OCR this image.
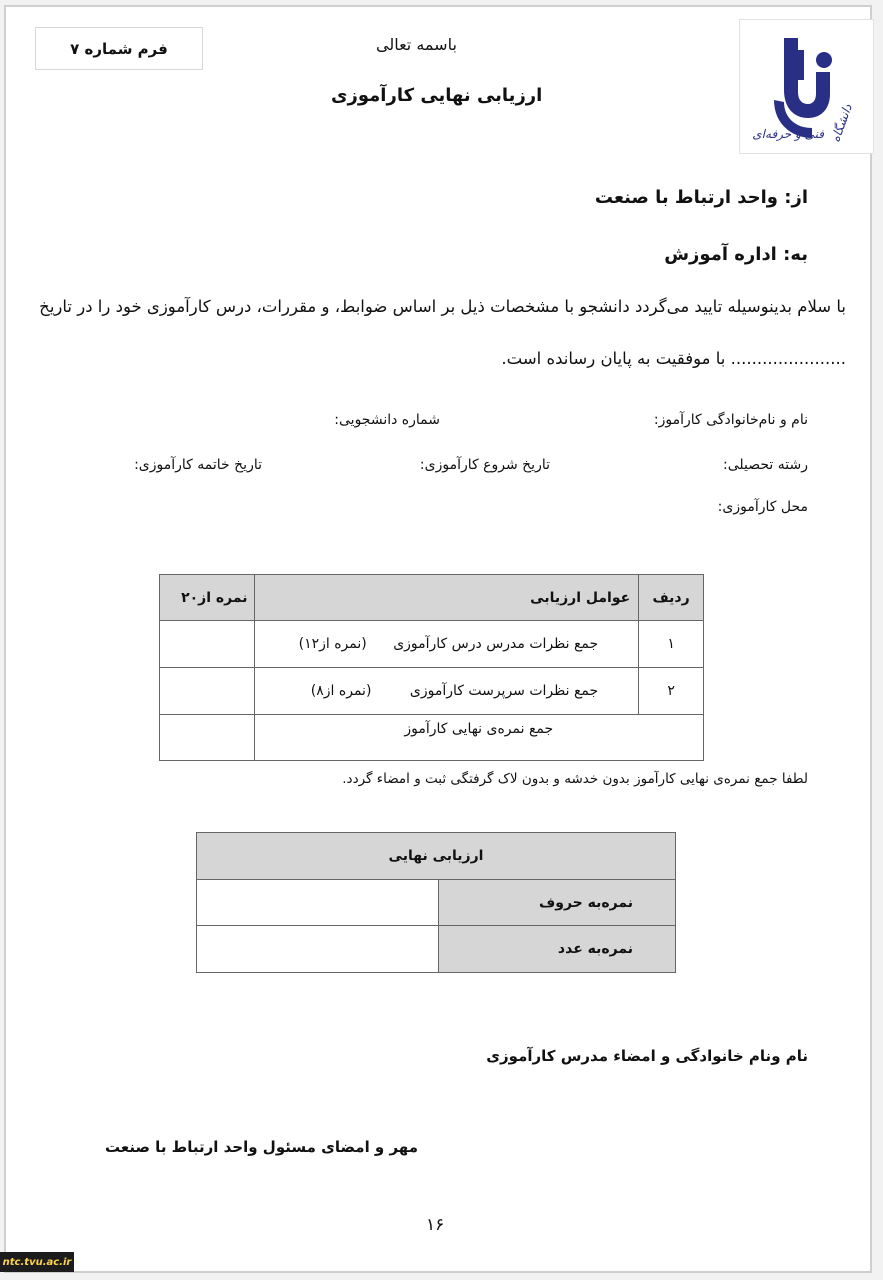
فرم شماره ۷	باسمه تعالی
ارزیابی نهایی کارآموزی
دانشگاه
فنی و حرفه‌ای
از: واحد ارتباط با صنعت
به: اداره آموزش
با سلام بدینوسیله تایید می‌گردد دانشجو با مشخصات ذیل بر اساس ضوابط، و مقررات، درس کارآموزی خود را در تاریخ
...................... با موفقیت به پایان رسانده است.
نام و نام‌خانوادگی کارآموز:
شماره دانشجویی:
رشته تحصیلی:
تاریخ شروع کارآموزی:
تاریخ خاتمه کارآموزی:
محل کارآموزی:
ردیف	عوامل ارزیابی	نمره از۲۰
۱	جمع نظرات مدرس درس کارآموزی (نمره از۱۲)	
۲	جمع نظرات سرپرست کارآموزی (نمره از۸)	
جمع نمره‌ی نهایی کارآموز		
لطفا جمع نمره‌ی نهایی کارآموز بدون خدشه و بدون لاک گرفتگی ثبت و امضاء گردد.
ارزیابی نهایی	
نمره‌به حروف	
نمره‌به عدد	
نام ونام خانوادگی و امضاء مدرس کارآموزی
مهر و امضای مسئول واحد ارتباط با صنعت
۱۶
ntc.tvu.ac.ir
